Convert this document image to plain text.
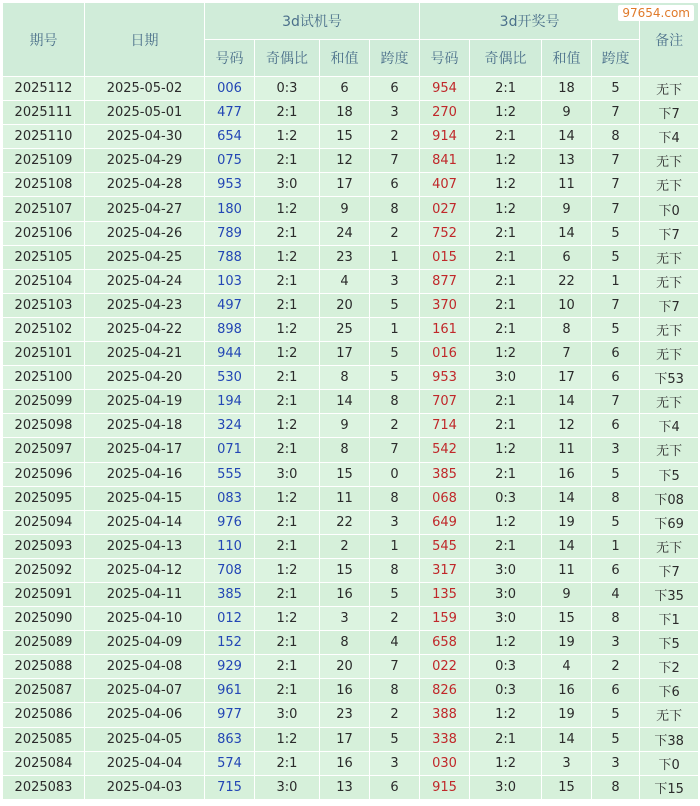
期号	日期	3d试机号				3d开奖号				备注
		号码	奇偶比	和值	跨度	号码	奇偶比	和值	跨度	
2025112	2025-05-02	006	0:3	6	6	954	2:1	18	5	无下
2025111	2025-05-01	477	2:1	18	3	270	1:2	9	7	下7
2025110	2025-04-30	654	1:2	15	2	914	2:1	14	8	下4
2025109	2025-04-29	075	2:1	12	7	841	1:2	13	7	无下
2025108	2025-04-28	953	3:0	17	6	407	1:2	11	7	无下
2025107	2025-04-27	180	1:2	9	8	027	1:2	9	7	下0
2025106	2025-04-26	789	2:1	24	2	752	2:1	14	5	下7
2025105	2025-04-25	788	1:2	23	1	015	2:1	6	5	无下
2025104	2025-04-24	103	2:1	4	3	877	2:1	22	1	无下
2025103	2025-04-23	497	2:1	20	5	370	2:1	10	7	下7
2025102	2025-04-22	898	1:2	25	1	161	2:1	8	5	无下
2025101	2025-04-21	944	1:2	17	5	016	1:2	7	6	无下
2025100	2025-04-20	530	2:1	8	5	953	3:0	17	6	下53
2025099	2025-04-19	194	2:1	14	8	707	2:1	14	7	无下
2025098	2025-04-18	324	1:2	9	2	714	2:1	12	6	下4
2025097	2025-04-17	071	2:1	8	7	542	1:2	11	3	无下
2025096	2025-04-16	555	3:0	15	0	385	2:1	16	5	下5
2025095	2025-04-15	083	1:2	11	8	068	0:3	14	8	下08
2025094	2025-04-14	976	2:1	22	3	649	1:2	19	5	下69
2025093	2025-04-13	110	2:1	2	1	545	2:1	14	1	无下
2025092	2025-04-12	708	1:2	15	8	317	3:0	11	6	下7
2025091	2025-04-11	385	2:1	16	5	135	3:0	9	4	下35
2025090	2025-04-10	012	1:2	3	2	159	3:0	15	8	下1
2025089	2025-04-09	152	2:1	8	4	658	1:2	19	3	下5
2025088	2025-04-08	929	2:1	20	7	022	0:3	4	2	下2
2025087	2025-04-07	961	2:1	16	8	826	0:3	16	6	下6
2025086	2025-04-06	977	3:0	23	2	388	1:2	19	5	无下
2025085	2025-04-05	863	1:2	17	5	338	2:1	14	5	下38
2025084	2025-04-04	574	2:1	16	3	030	1:2	3	3	下0
2025083	2025-04-03	715	3:0	13	6	915	3:0	15	8	下15
97654.com
